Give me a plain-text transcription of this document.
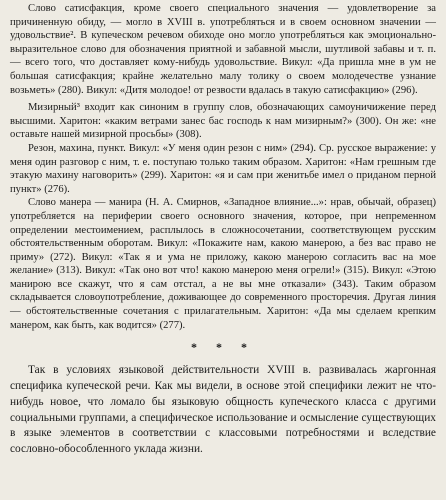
Слово сатисфакция, кроме своего специального значения — удовлетворение за причиненную обиду, — могло в XVIII в. употребляться и в своем основном значении — удовольствие². В купеческом речевом обиходе оно могло употребляться как эмоционально-выразительное слово для обозначения приятной и забавной мысли, шутливой забавы и т. п. — всего того, что доставляет кому-нибудь удовольствие. Викул: «Да пришла мне в ум не большая сатисфакция; крайне желательно малу толику о своем молодечестве узнание возьметь» (280). Викул: «Дитя молодое! от резвости вдалась в такую сатисфакцию» (296).

Мизирный³ входит как синоним в группу слов, обозначающих самоуничижение перед высшими. Харитон: «каким ветрами занес бас господь к нам мизирным?» (300). Он же: «не оставьте нашей мизирной просьбы» (308).

Резон, махина, пункт. Викул: «У меня один резон с ним» (294). Ср. русское выражение: у меня один разговор с ним, т. е. поступаю только таким образом. Харитон: «Нам грешным где этакую махину наговорить» (299). Харитон: «я и сам при женитьбе имел о приданом перной пункт» (276).

Слово манера — манира (Н. А. Смирнов, «Западное влияние...»: нрав, обычай, образец) употребляется на периферии своего основного значения, которое, при непременном определении местоимением, расплылось в сложносочетании, соответствующем русским обстоятельственным оборотам. Викул: «Покажите нам, какою манерою, а без вас право не приму» (272). Викул: «Так я и ума не приложу, какою манерою согласить вас на мое желание» (313). Викул: «Так оно вот что! какою манерою меня огрели!» (315). Викул: «Этою манирою все скажут, что я сам отстал, а не вы мне отказали» (343). Таким образом складывается словоупотребление, доживающее до современного просторечия. Другая линия — обстоятельственные сочетания с прилагательным. Харитон: «Да мы сделаем крепким манером, как быть, как водится» (277).

* * *

Так в условиях языковой действительности XVIII в. развивалась жаргонная специфика купеческой речи. Как мы видели, в основе этой специфики лежит не что-нибудь новое, что ломало бы языковую общность купеческого класса с другими социальными группами, а специфическое использование и осмысление существующих в языке элементов в соответствии с классовыми потребностями и вследствие сословно-обособленного уклада жизни.
